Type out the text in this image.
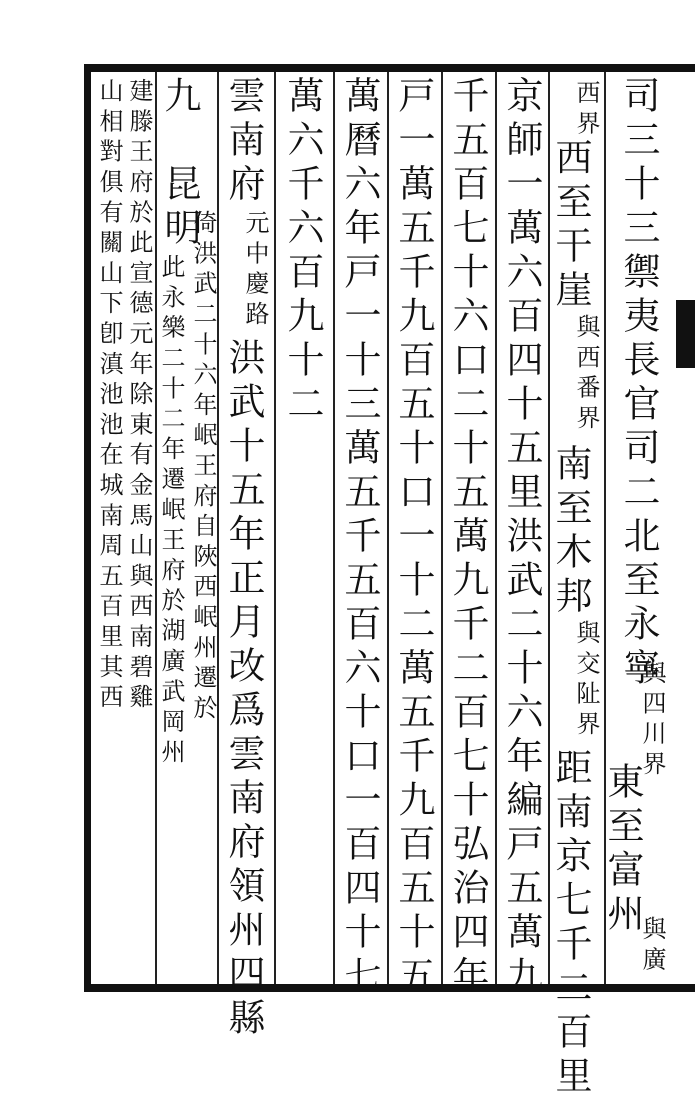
司三十三禦夷長官司二北至永寧
與四川界
東至富州
與廣
西界
西至干崖
與西番界
南至木邦
與交阯界
距南京七千二百里
京師一萬六百四十五里洪武二十六年編戸五萬九
千五百七十六口二十五萬九千二百七十弘治四年
戸一萬五千九百五十口一十二萬五千九百五十五
萬曆六年戸一十三萬五千五百六十口一百四十七
萬六千六百九十二
雲南府
元中慶路
洪武十五年正月改爲雲南府領州四縣
九　昆明
倚洪武二十六年岷王府自陜西岷州遷於
此永樂二十二年遷岷王府於湖廣武岡州
建滕王府於此宣德元年除東有金馬山與西南碧雞
山相對俱有關山下卽滇池池在城南周五百里其西
